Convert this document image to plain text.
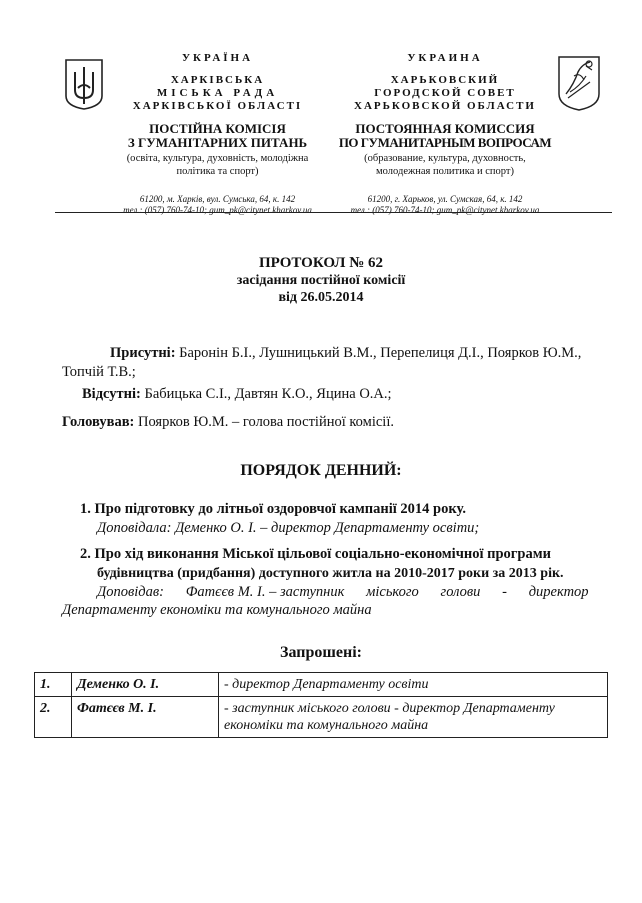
УКРАЇНА
ХАРКІВСЬКА
МІСЬКА РАДА
ХАРКІВСЬКОЇ ОБЛАСТІ
ПОСТІЙНА КОМІСІЯ
З ГУМАНІТАРНИХ ПИТАНЬ
(освіта, культура, духовність, молодіжна
політика та спорт)
61200, м. Харків, вул. Сумська, 64, к. 142
тел.: (057) 760-74-10; gum_pk@citynet.kharkov.ua
УКРАИНА
ХАРЬКОВСКИЙ
ГОРОДСКОЙ СОВЕТ
ХАРЬКОВСКОЙ ОБЛАСТИ
ПОСТОЯННАЯ КОМИССИЯ
ПО ГУМАНИТАРНЫМ ВОПРОСАМ
(образование, культура, духовность,
молодежная политика и спорт)
61200, г. Харьков, ул. Сумская, 64, к. 142
тел.: (057) 760-74-10; gum_pk@citynet.kharkov.ua
ПРОТОКОЛ № 62
засідання постійної комісії
від 26.05.2014
Присутні: Баронін Б.І., Лушницький В.М., Перепелиця Д.І., Поярков Ю.М.,
Топчій Т.В.;
Відсутні: Бабицька С.І., Давтян К.О., Яцина О.А.;
Головував: Поярков Ю.М. – голова постійної комісії.
ПОРЯДОК ДЕННИЙ:
1. Про підготовку до літньої оздоровчої кампанії 2014 року.
Доповідала: Деменко О. І. – директор Департаменту освіти;
2. Про хід виконання Міської цільової соціально-економічної програми
будівництва (придбання) доступного житла на 2010-2017 роки за 2013 рік.
Доповідав:      Фатєєв М. І. – заступник      міського      голови      -      директор
Департаменту економіки та комунального майна
Запрошені:
1.	Деменко О. І.	- директор Департаменту освіти

2.	Фатєєв М. І.	- заступник міського голови - директор Департаменту
економіки та комунального майна
